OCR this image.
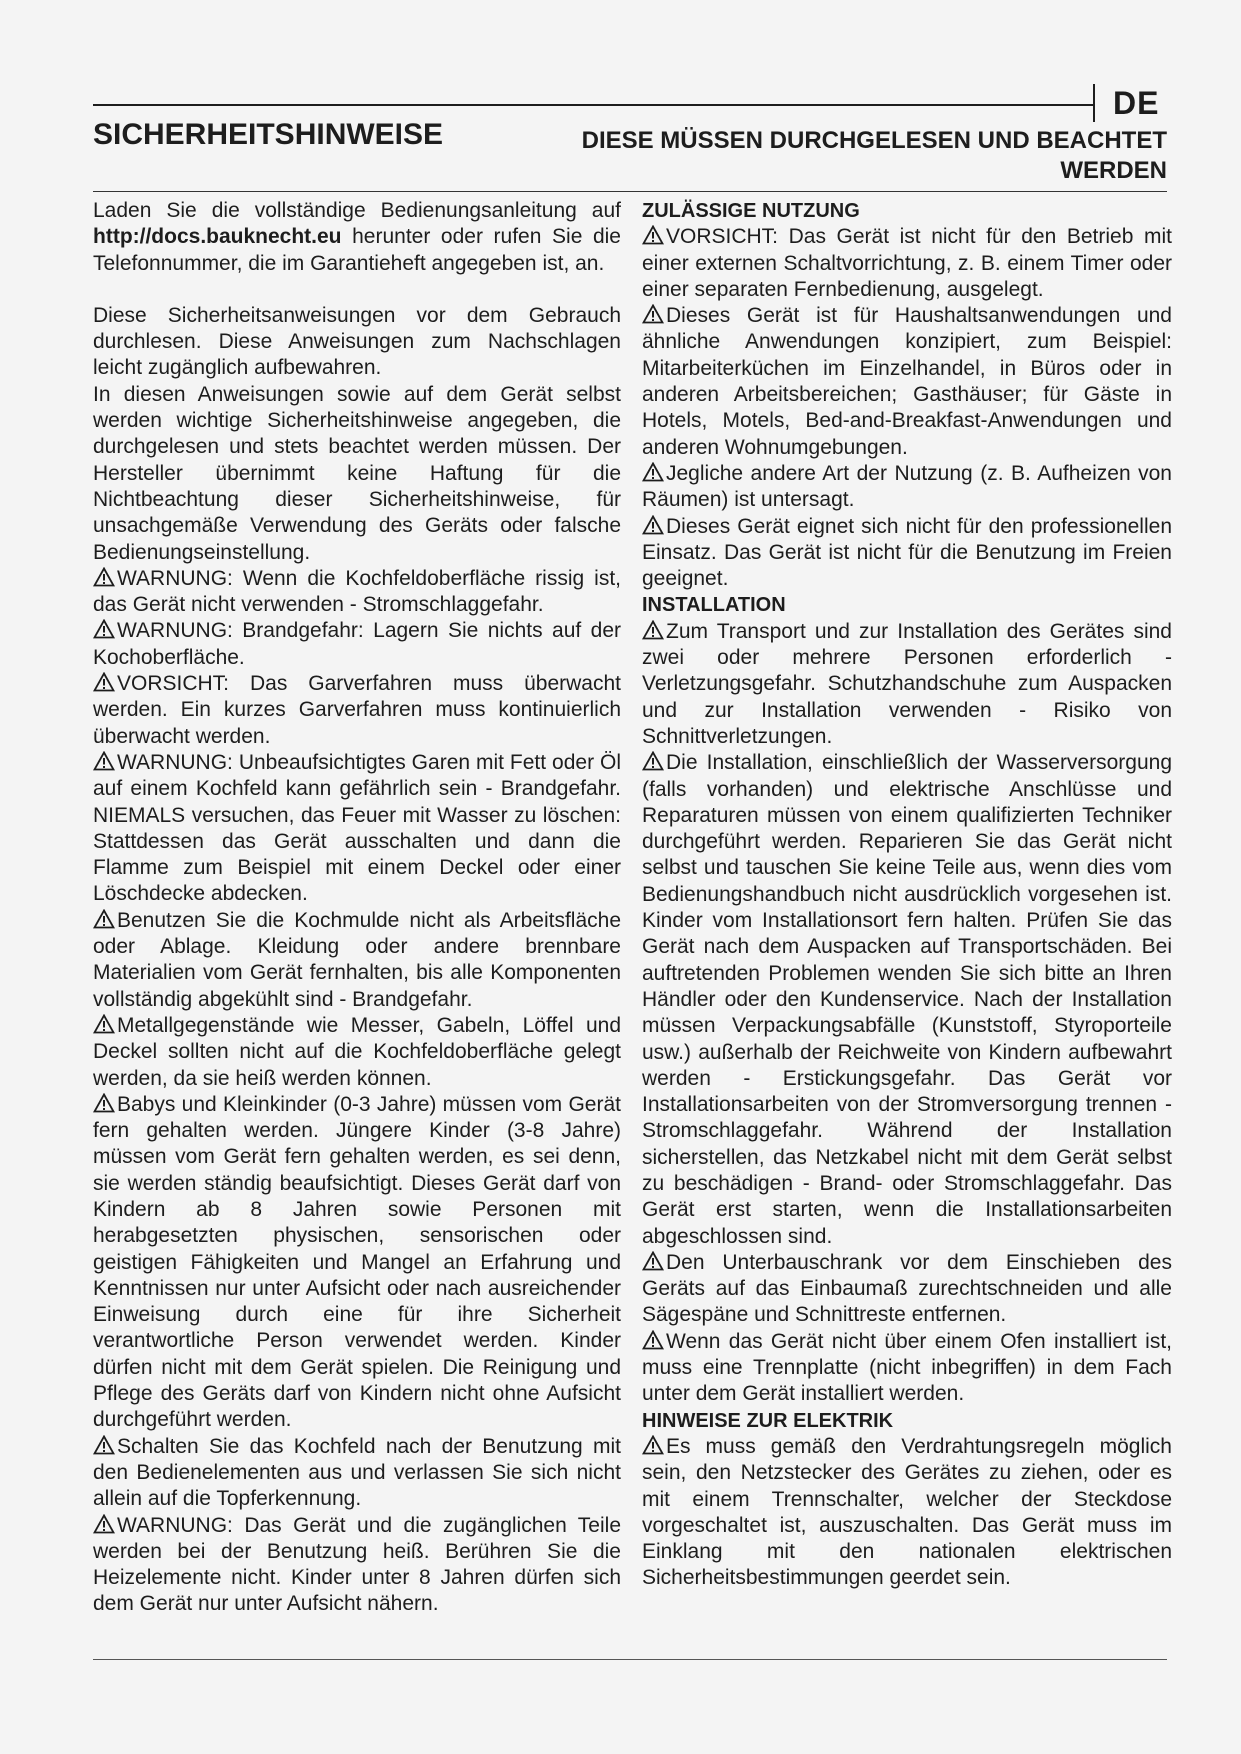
DE
SICHERHEITSHINWEISE	DIESE MÜSSEN DURCHGELESEN UND BEACHTET WERDEN

Laden Sie die vollständige Bedienungsanleitung auf http://docs.bauknecht.eu herunter oder rufen Sie die Telefonnummer, die im Garantieheft angegeben ist, an.

Diese Sicherheitsanweisungen vor dem Gebrauch durchlesen. Diese Anweisungen zum Nachschlagen leicht zugänglich aufbewahren.

In diesen Anweisungen sowie auf dem Gerät selbst werden wichtige Sicherheitshinweise angegeben, die durchgelesen und stets beachtet werden müssen. Der Hersteller übernimmt keine Haftung für die Nichtbeachtung dieser Sicherheitshinweise, für unsachgemäße Verwendung des Geräts oder falsche Bedienungseinstellung.

WARNUNG: Wenn die Kochfeldoberfläche rissig ist, das Gerät nicht verwenden - Stromschlaggefahr.

WARNUNG: Brandgefahr: Lagern Sie nichts auf der Kochoberfläche.

VORSICHT: Das Garverfahren muss überwacht werden. Ein kurzes Garverfahren muss kontinuierlich überwacht werden.

WARNUNG: Unbeaufsichtigtes Garen mit Fett oder Öl auf einem Kochfeld kann gefährlich sein - Brandgefahr. NIEMALS versuchen, das Feuer mit Wasser zu löschen: Stattdessen das Gerät ausschalten und dann die Flamme zum Beispiel mit einem Deckel oder einer Löschdecke abdecken.

Benutzen Sie die Kochmulde nicht als Arbeitsfläche oder Ablage. Kleidung oder andere brennbare Materialien vom Gerät fernhalten, bis alle Komponenten vollständig abgekühlt sind - Brandgefahr.

Metallgegenstände wie Messer, Gabeln, Löffel und Deckel sollten nicht auf die Kochfeldoberfläche gelegt werden, da sie heiß werden können.

Babys und Kleinkinder (0-3 Jahre) müssen vom Gerät fern gehalten werden. Jüngere Kinder (3-8 Jahre) müssen vom Gerät fern gehalten werden, es sei denn, sie werden ständig beaufsichtigt. Dieses Gerät darf von Kindern ab 8 Jahren sowie Personen mit herabgesetzten physischen, sensorischen oder geistigen Fähigkeiten und Mangel an Erfahrung und Kenntnissen nur unter Aufsicht oder nach ausreichender Einweisung durch eine für ihre Sicherheit verantwortliche Person verwendet werden. Kinder dürfen nicht mit dem Gerät spielen. Die Reinigung und Pflege des Geräts darf von Kindern nicht ohne Aufsicht durchgeführt werden.

Schalten Sie das Kochfeld nach der Benutzung mit den Bedienelementen aus und verlassen Sie sich nicht allein auf die Topferkennung.

WARNUNG: Das Gerät und die zugänglichen Teile werden bei der Benutzung heiß. Berühren Sie die Heizelemente nicht. Kinder unter 8 Jahren dürfen sich dem Gerät nur unter Aufsicht nähern.

ZULÄSSIGE NUTZUNG

VORSICHT: Das Gerät ist nicht für den Betrieb mit einer externen Schaltvorrichtung, z. B. einem Timer oder einer separaten Fernbedienung, ausgelegt.

Dieses Gerät ist für Haushaltsanwendungen und ähnliche Anwendungen konzipiert, zum Beispiel: Mitarbeiterküchen im Einzelhandel, in Büros oder in anderen Arbeitsbereichen; Gasthäuser; für Gäste in Hotels, Motels, Bed-and-Breakfast-Anwendungen und anderen Wohnumgebungen.

Jegliche andere Art der Nutzung (z. B. Aufheizen von Räumen) ist untersagt.

Dieses Gerät eignet sich nicht für den professionellen Einsatz. Das Gerät ist nicht für die Benutzung im Freien geeignet.

INSTALLATION

Zum Transport und zur Installation des Gerätes sind zwei oder mehrere Personen erforderlich - Verletzungsgefahr. Schutzhandschuhe zum Auspacken und zur Installation verwenden - Risiko von Schnittverletzungen.

Die Installation, einschließlich der Wasserversorgung (falls vorhanden) und elektrische Anschlüsse und Reparaturen müssen von einem qualifizierten Techniker durchgeführt werden. Reparieren Sie das Gerät nicht selbst und tauschen Sie keine Teile aus, wenn dies vom Bedienungshandbuch nicht ausdrücklich vorgesehen ist. Kinder vom Installationsort fern halten. Prüfen Sie das Gerät nach dem Auspacken auf Transportschäden. Bei auftretenden Problemen wenden Sie sich bitte an Ihren Händler oder den Kundenservice. Nach der Installation müssen Verpackungsabfälle (Kunststoff, Styroporteile usw.) außerhalb der Reichweite von Kindern aufbewahrt werden - Erstickungsgefahr. Das Gerät vor Installationsarbeiten von der Stromversorgung trennen - Stromschlaggefahr. Während der Installation sicherstellen, das Netzkabel nicht mit dem Gerät selbst zu beschädigen - Brand- oder Stromschlaggefahr. Das Gerät erst starten, wenn die Installationsarbeiten abgeschlossen sind.

Den Unterbauschrank vor dem Einschieben des Geräts auf das Einbaumaß zurechtschneiden und alle Sägespäne und Schnittreste entfernen.

Wenn das Gerät nicht über einem Ofen installiert ist, muss eine Trennplatte (nicht inbegriffen) in dem Fach unter dem Gerät installiert werden.

HINWEISE ZUR ELEKTRIK

Es muss gemäß den Verdrahtungsregeln möglich sein, den Netzstecker des Gerätes zu ziehen, oder es mit einem Trennschalter, welcher der Steckdose vorgeschaltet ist, auszuschalten. Das Gerät muss im Einklang mit den nationalen elektrischen Sicherheitsbestimmungen geerdet sein.
